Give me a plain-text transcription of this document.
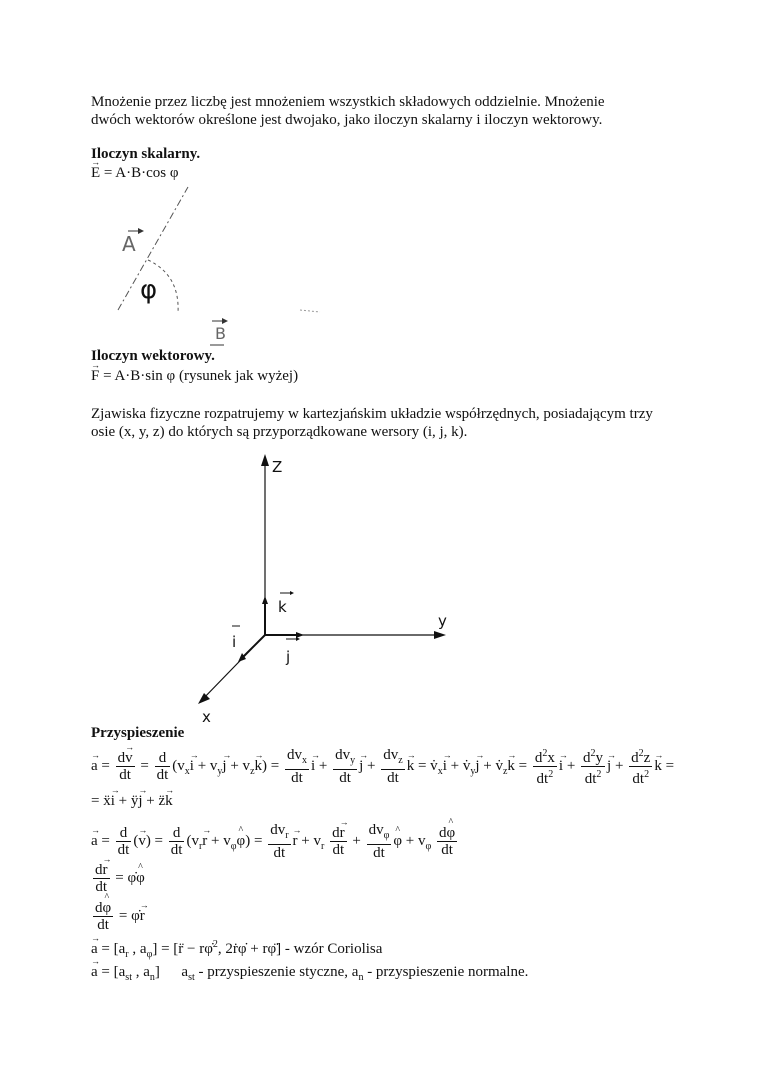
Mnożenie przez liczbę jest mnożeniem wszystkich składowych oddzielnie. Mnożenie
dwóch wektorów określone jest dwojako, jako iloczyn skalarny i iloczyn wektorowy.
Iloczyn skalarny.
→ E = A·B·cos φ
A
φ
B
Iloczyn wektorowy.
→ F = A·B·sin φ (rysunek jak wyżej)
Zjawiska fizyczne rozpatrujemy w kartezjańskim układzie współrzędnych, posiadającym trzy
osie (x, y, z) do których są przyporządkowane wersory (i, j, k).
Z
y
x
k
i
j
Przyspieszenie
→ $a = \frac{d\to v}{dt} = \frac{d}{dt} (v_x\to i + v_y\to j + v_z\to k) = \frac{dv_x}{dt}$
→ $i + \frac{dv_y}{dt}$
→ $j + \frac{dv_z}{dt}$
→ $k = v̇_x\to i$ + $v̇_y\to j$ + $v̇_z\to k = \frac{d^2x}{dt^2}$
→ $i + \frac{d^2y}{dt^2}$
→ $j + \frac{d^2z}{dt^2}$
→ k =
= ẍ→ i + ÿ→ j + z̈→ k
→ $a = \frac{d}{dt}$ (→ $v) = \frac{d}{dt} (v_r\to r$ + $v_\varphi\^{}$ $\varphi) = \frac{dv_r}{dt}$
→ $r + v_r \frac{d\to r}{dt} + \frac{dv_\varphi}{dt}$
^ $\varphi + v_\varphi \frac{d\^{} \varphi}{dt}$
$\frac{d\to r}{dt}$ = φ̇^ φ
$\frac{d\^{} \varphi}{dt}$ = φ̇→ r
→ $a = [a_r$ , $a_\varphi$] = [r̈ − rφ̇$^2$, 2ṙφ̇ + rφ̈] - wzór Coriolisa
→ $a = [a_{st}$ , $a_n$]  $a_{st}$ - przyspieszenie styczne, $a_n$ - przyspieszenie normalne.
